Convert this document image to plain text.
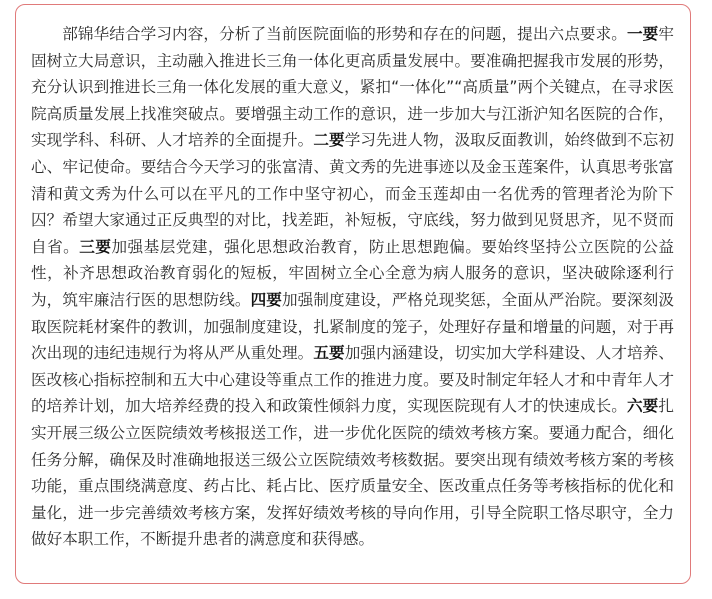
部锦华结合学习内容，分析了当前医院面临的形势和存在的问题，提出六点要求。一要牢固树立大局意识，主动融入推进长三角一体化更高质量发展中。要准确把握我市发展的形势，充分认识到推进长三角一体化发展的重大意义，紧扣“一体化”“高质量”两个关键点，在寻求医院高质量发展上找准突破点。要增强主动工作的意识，进一步加大与江浙沪知名医院的合作，实现学科、科研、人才培养的全面提升。二要学习先进人物，汲取反面教训，始终做到不忘初心、牢记使命。要结合今天学习的张富清、黄文秀的先进事迹以及金玉莲案件，认真思考张富清和黄文秀为什么可以在平凡的工作中坚守初心，而金玉莲却由一名优秀的管理者沦为阶下囚？希望大家通过正反典型的对比，找差距，补短板，守底线，努力做到见贤思齐，见不贤而自省。三要加强基层党建，强化思想政治教育，防止思想跑偏。要始终坚持公立医院的公益性，补齐思想政治教育弱化的短板，牢固树立全心全意为病人服务的意识，坚决破除逐利行为，筑牢廉洁行医的思想防线。四要加强制度建设，严格兑现奖惩，全面从严治院。要深刻汲取医院耗材案件的教训，加强制度建设，扎紧制度的笼子，处理好存量和增量的问题，对于再次出现的违纪违规行为将从严从重处理。五要加强内涵建设，切实加大学科建设、人才培养、医改核心指标控制和五大中心建设等重点工作的推进力度。要及时制定年轻人才和中青年人才的培养计划，加大培养经费的投入和政策性倾斜力度，实现医院现有人才的快速成长。六要扎实开展三级公立医院绩效考核报送工作，进一步优化医院的绩效考核方案。要通力配合，细化任务分解，确保及时准确地报送三级公立医院绩效考核数据。要突出现有绩效考核方案的考核功能，重点围绕满意度、药占比、耗占比、医疗质量安全、医改重点任务等考核指标的优化和量化，进一步完善绩效考核方案，发挥好绩效考核的导向作用，引导全院职工恪尽职守，全力做好本职工作，不断提升患者的满意度和获得感。
